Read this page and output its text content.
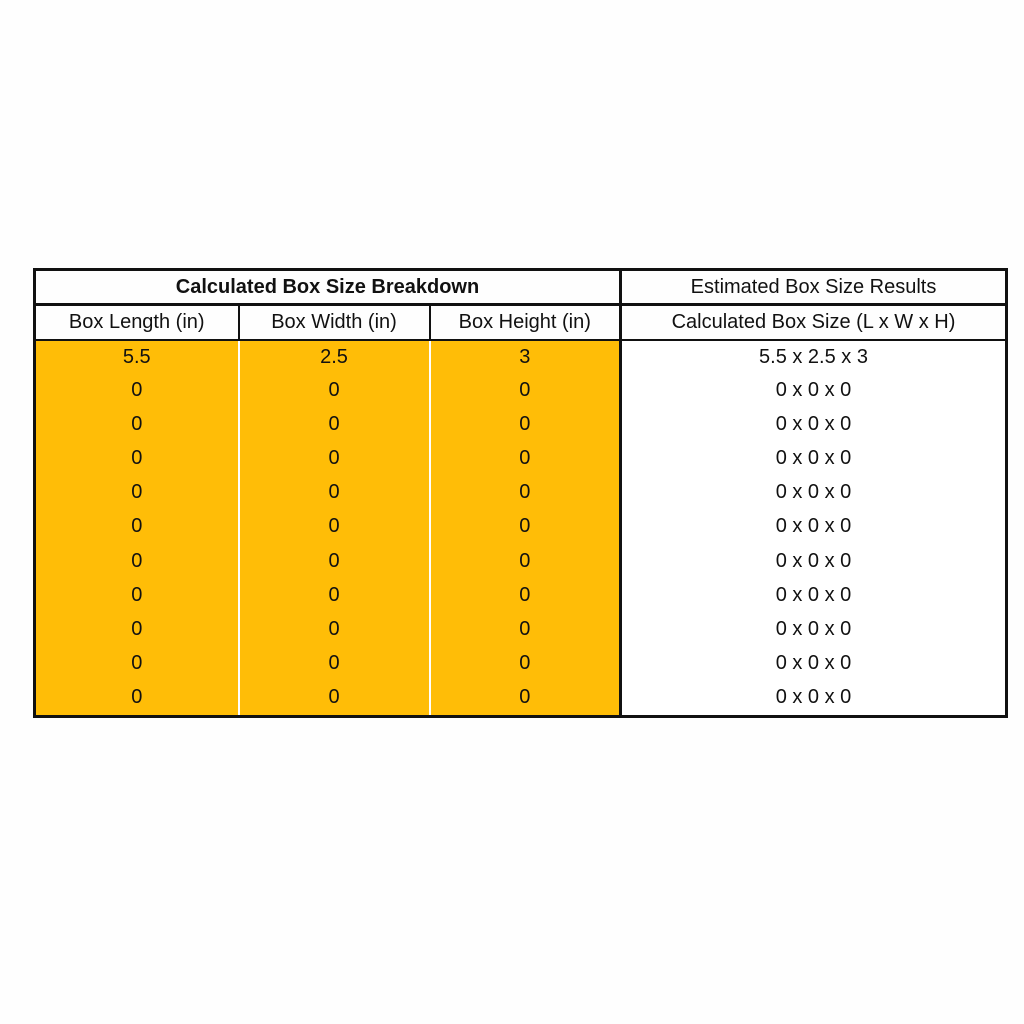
Calculated Box Size Breakdown			Estimated Box Size Results
Box Length (in)	Box Width (in)	Box Height (in)	Calculated Box Size (L x W x H)
5.5	2.5	3	5.5 x 2.5 x 3
0	0	0	0 x 0 x 0
0	0	0	0 x 0 x 0
0	0	0	0 x 0 x 0
0	0	0	0 x 0 x 0
0	0	0	0 x 0 x 0
0	0	0	0 x 0 x 0
0	0	0	0 x 0 x 0
0	0	0	0 x 0 x 0
0	0	0	0 x 0 x 0
0	0	0	0 x 0 x 0
